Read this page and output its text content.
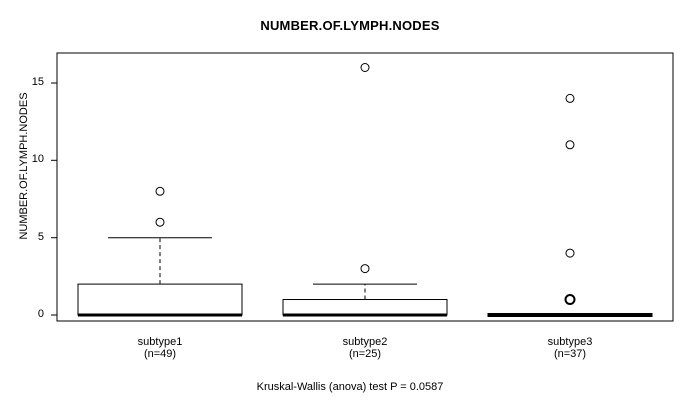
NUMBER.OF.LYMPH.NODES
NUMBER.OF.LYMPH.NODES
0
5
10
15
subtype1
(n=49)
subtype2
(n=25)
subtype3
(n=37)
Kruskal-Wallis (anova) test P = 0.0587
